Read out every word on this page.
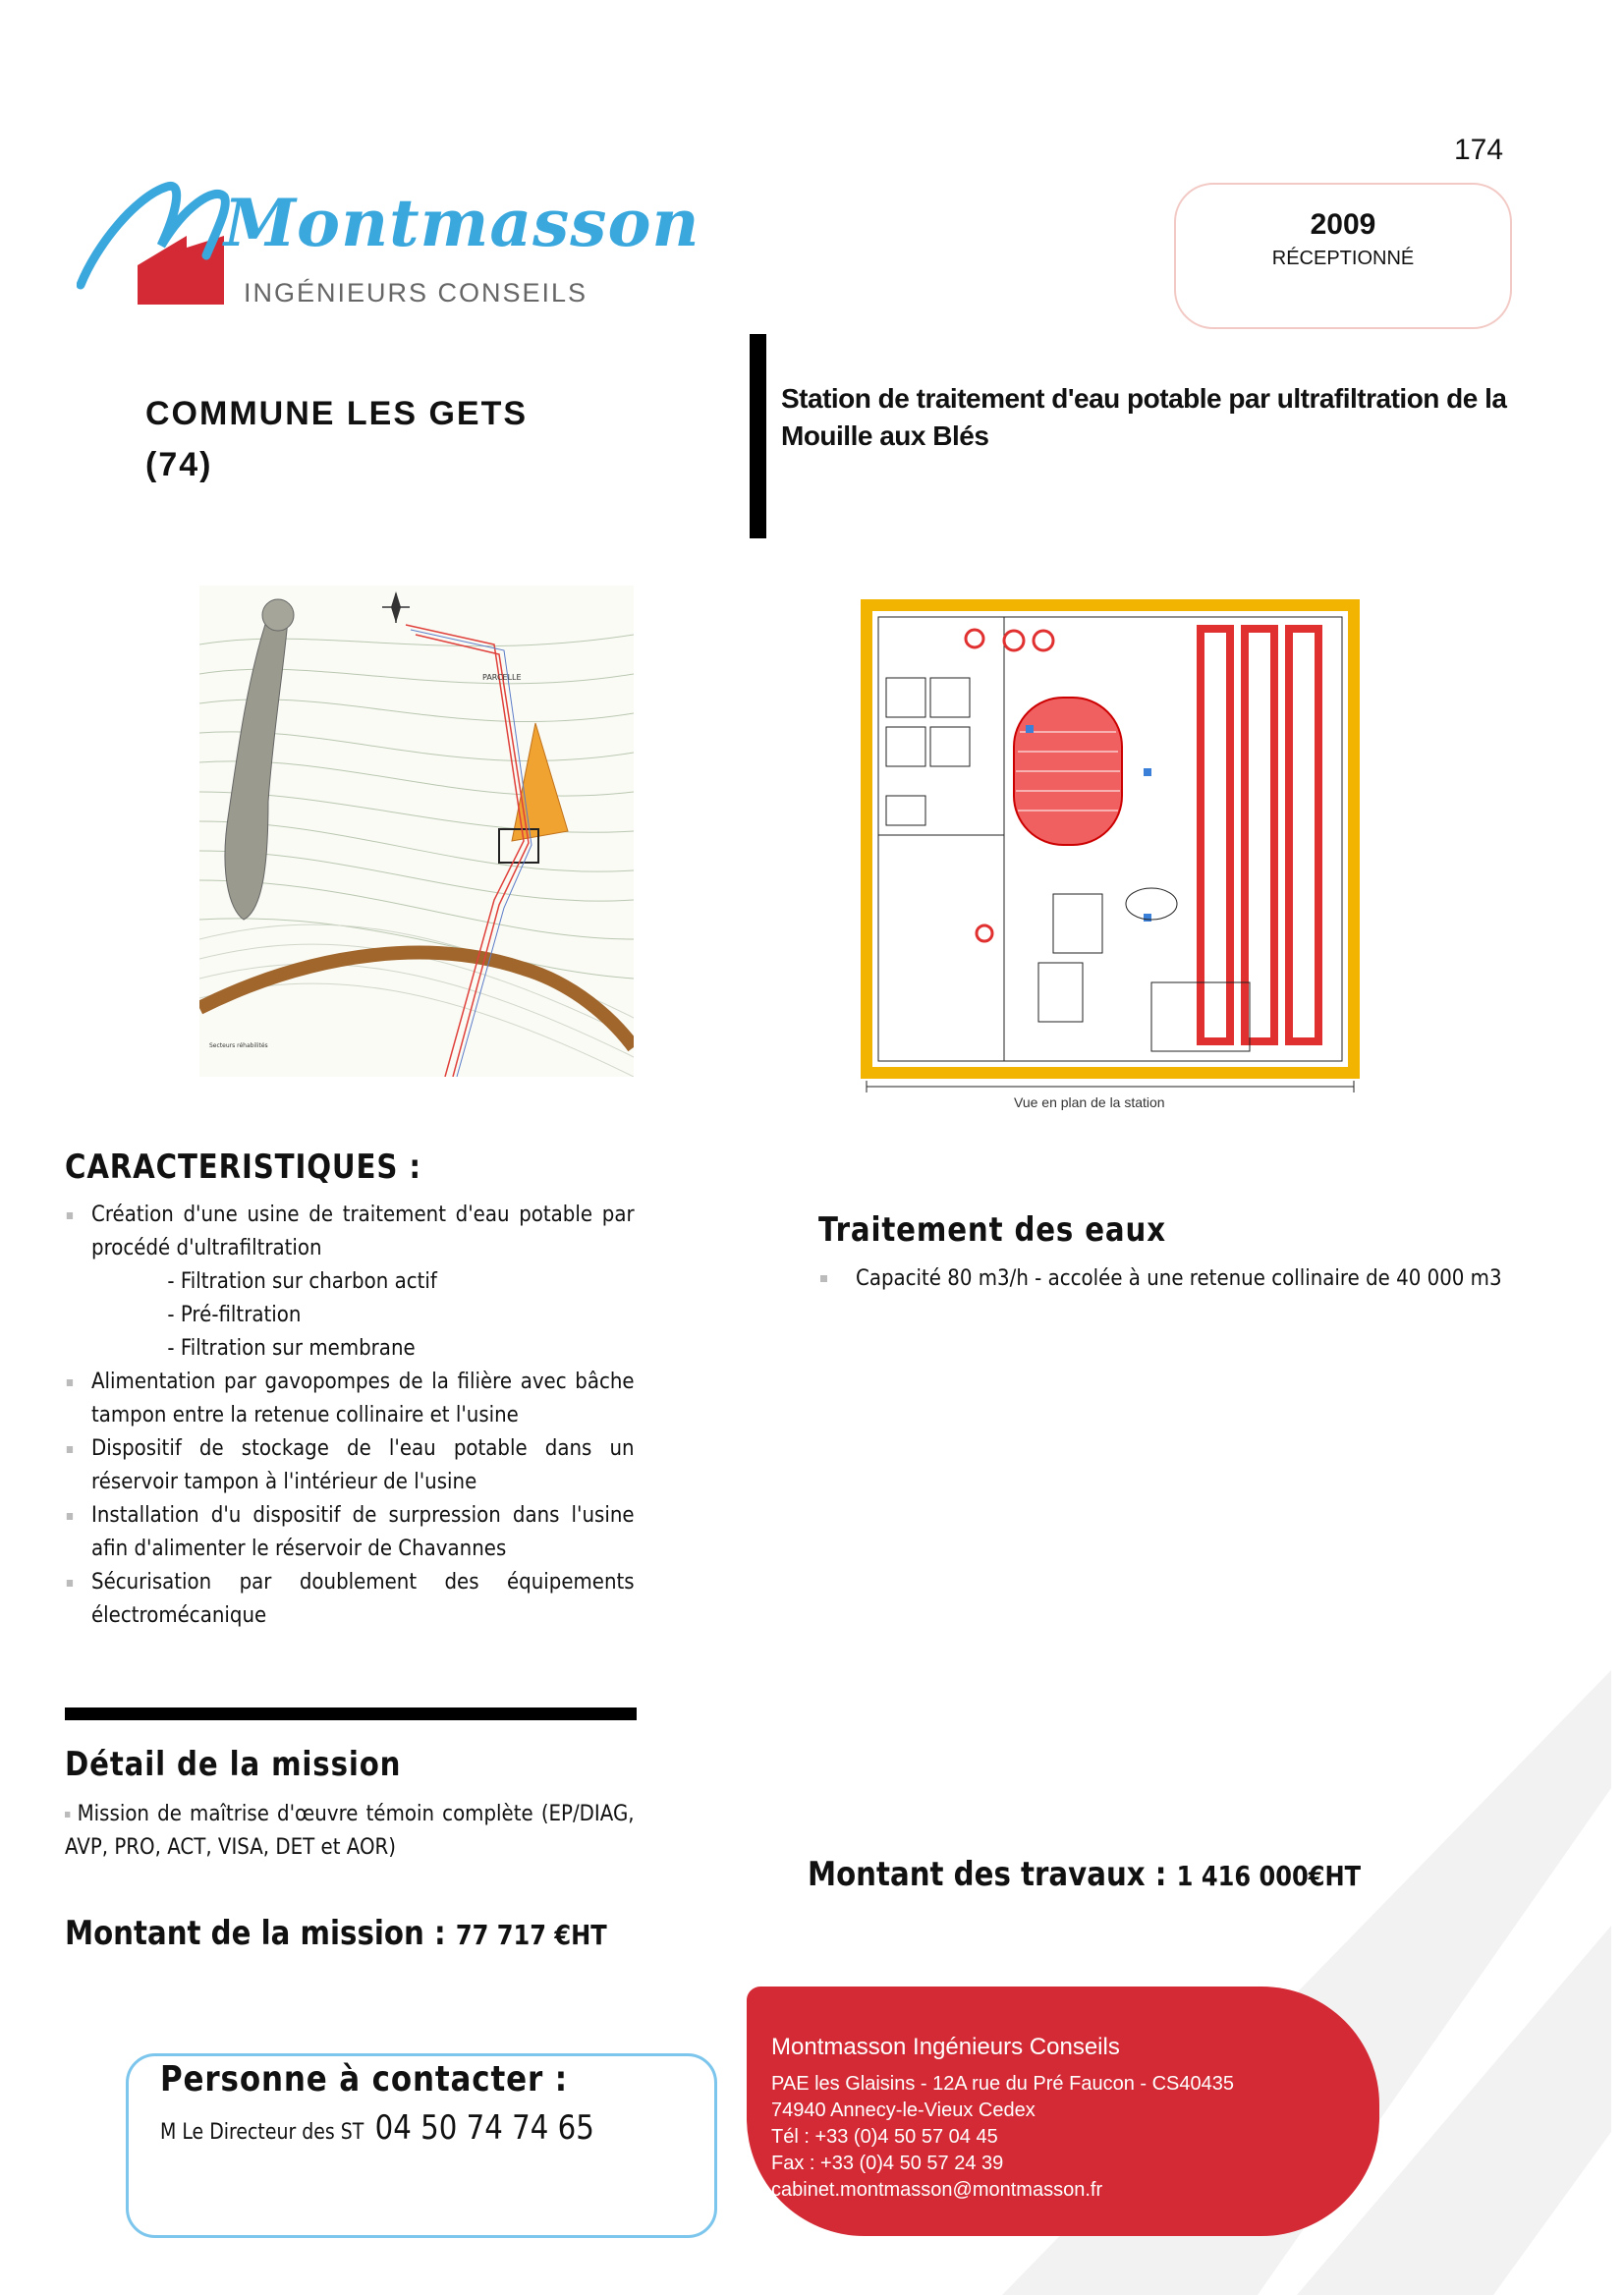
174
Montmasson
INGÉNIEURS CONSEILS
2009
RÉCEPTIONNÉ
COMMUNE LES GETS
(74)
Station de traitement d'eau potable par ultrafiltration de la Mouille aux Blés
PARCELLE
Secteurs réhabilités
Vue en plan de la station
CARACTERISTIQUES :
Création d'une usine de traitement d'eau potable par procédé d'ultrafiltration
- Filtration sur charbon actif
- Pré-filtration
- Filtration sur membrane
Alimentation par gavopompes de la filière avec bâche tampon entre la retenue collinaire et l'usine
Dispositif de stockage de l'eau potable dans un réservoir tampon à l'intérieur de l'usine
Installation d'u dispositif de surpression dans l'usine afin d'alimenter le réservoir de Chavannes
Sécurisation par doublement des équipements électromécanique
Traitement des eaux
Capacité 80 m3/h - accolée à une retenue collinaire de 40 000 m3
Détail de la mission
Mission de maîtrise d'œuvre témoin complète (EP/DIAG, AVP, PRO, ACT, VISA, DET et AOR)
Montant de la mission : 77 717 €HT
Montant des travaux : 1 416 000€HT
Personne à contacter :
M Le Directeur des ST 04 50 74 74 65
Montmasson Ingénieurs Conseils
PAE les Glaisins - 12A rue du Pré Faucon - CS40435
74940 Annecy-le-Vieux Cedex
Tél : +33 (0)4 50 57 04 45
Fax : +33 (0)4 50 57 24 39
cabinet.montmasson@montmasson.fr
